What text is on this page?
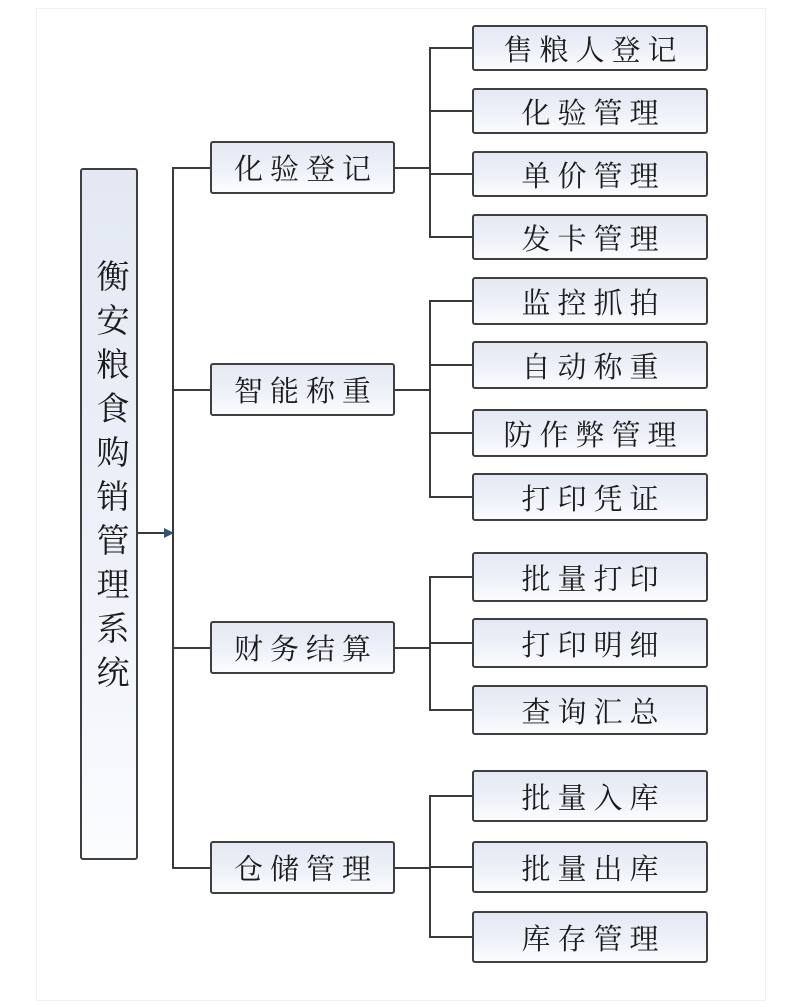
衡安粮食购销管理系统
化验登记
智能称重
财务结算
仓储管理
售粮人登记
化验管理
单价管理
发卡管理
监控抓拍
自动称重
防作弊管理
打印凭证
批量打印
打印明细
查询汇总
批量入库
批量出库
库存管理
